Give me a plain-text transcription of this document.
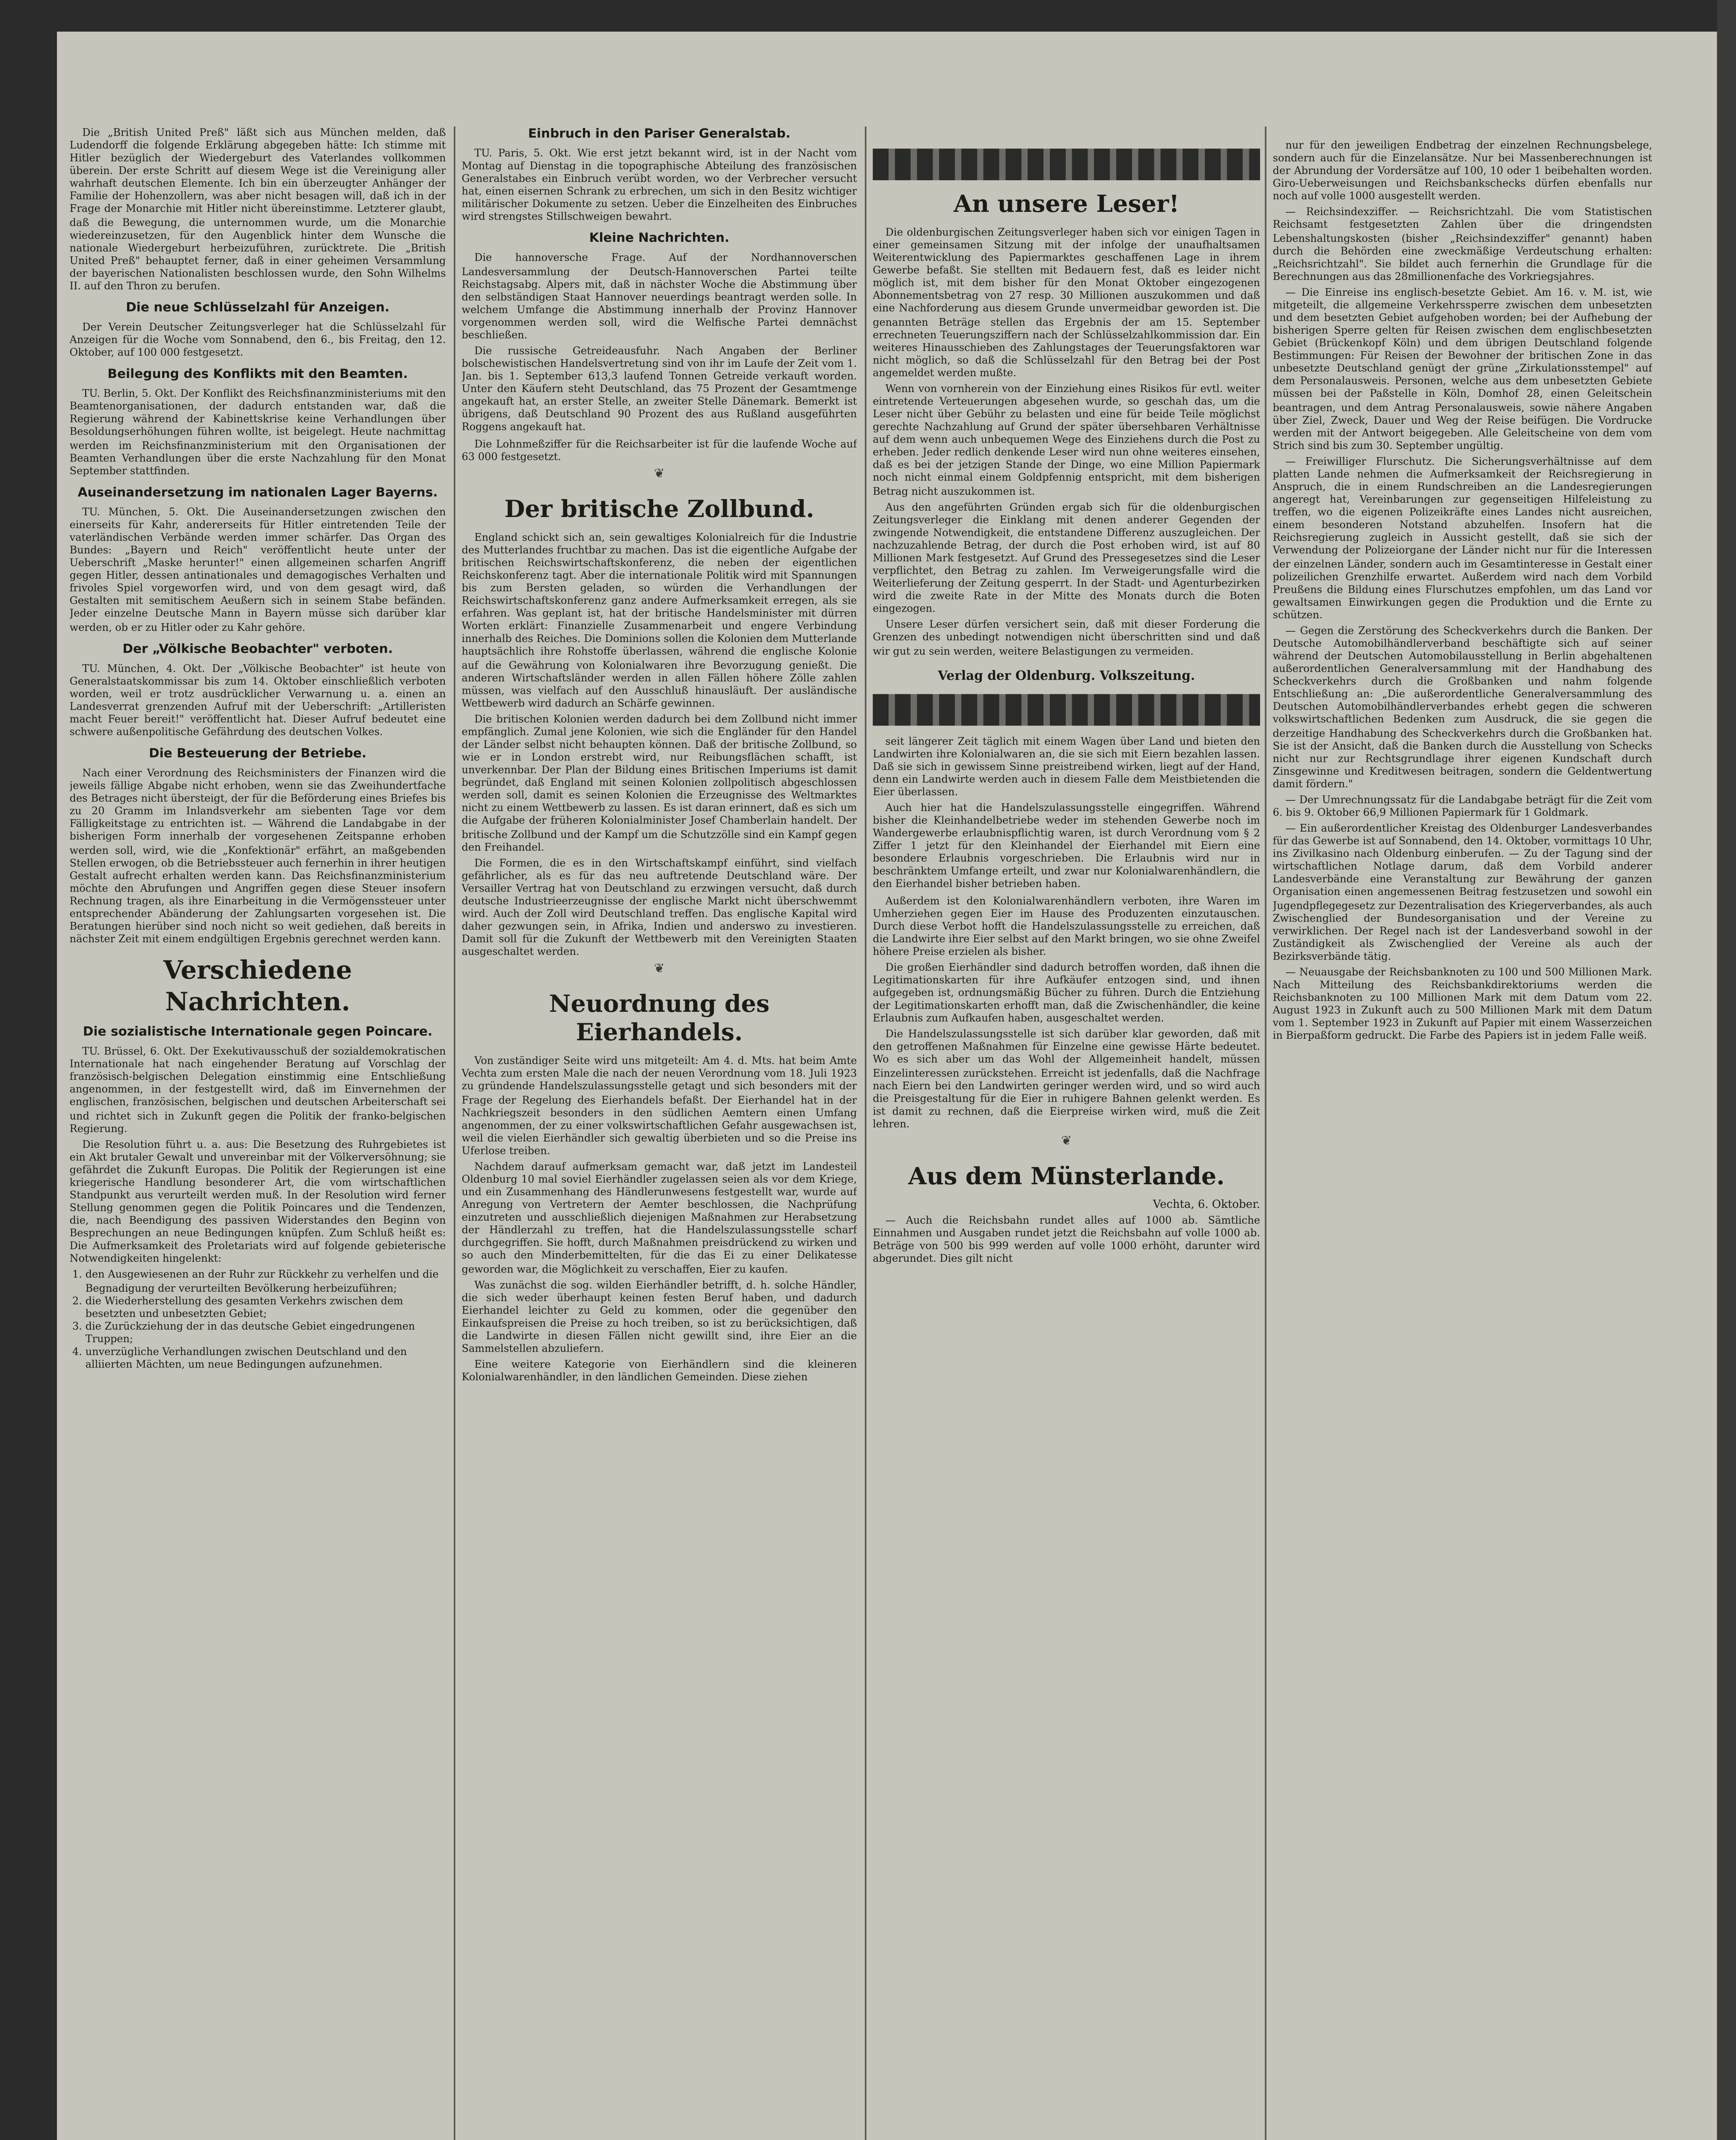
Die „British United Preß" läßt sich aus München melden, daß Ludendorff die folgende Erklärung abgegeben hätte: Ich stimme mit Hitler bezüglich der Wiedergeburt des Vaterlandes vollkommen überein. Der erste Schritt auf diesem Wege ist die Vereinigung aller wahrhaft deutschen Elemente. Ich bin ein überzeugter Anhänger der Familie der Hohenzollern, was aber nicht besagen will, daß ich in der Frage der Monarchie mit Hitler nicht übereinstimme. Letzterer glaubt, daß die Bewegung, die unternommen wurde, um die Monarchie wiedereinzusetzen, für den Augenblick hinter dem Wunsche die nationale Wiedergeburt herbeizuführen, zurücktrete. Die „British United Preß" behauptet ferner, daß in einer geheimen Versammlung der bayerischen Nationalisten beschlossen wurde, den Sohn Wilhelms II. auf den Thron zu berufen.

Die neue Schlüsselzahl für Anzeigen.

Der Verein Deutscher Zeitungsverleger hat die Schlüsselzahl für Anzeigen für die Woche vom Sonnabend, den 6., bis Freitag, den 12. Oktober, auf 100 000 festgesetzt.

Beilegung des Konflikts mit den Beamten.

TU. Berlin, 5. Okt. Der Konflikt des Reichsfinanzministeriums mit den Beamtenorganisationen, der dadurch entstanden war, daß die Regierung während der Kabinettskrise keine Verhandlungen über Besoldungserhöhungen führen wollte, ist beigelegt. Heute nachmittag werden im Reichsfinanzministerium mit den Organisationen der Beamten Verhandlungen über die erste Nachzahlung für den Monat September stattfinden.

Auseinandersetzung im nationalen Lager Bayerns.

TU. München, 5. Okt. Die Auseinandersetzungen zwischen den einerseits für Kahr, andererseits für Hitler eintretenden Teile der vaterländischen Verbände werden immer schärfer. Das Organ des Bundes: „Bayern und Reich" veröffentlicht heute unter der Ueberschrift „Maske herunter!" einen allgemeinen scharfen Angriff gegen Hitler, dessen antinationales und demagogisches Verhalten und frivoles Spiel vorgeworfen wird, und von dem gesagt wird, daß Gestalten mit semitischem Aeußern sich in seinem Stabe befänden. Jeder einzelne Deutsche Mann in Bayern müsse sich darüber klar werden, ob er zu Hitler oder zu Kahr gehöre.

Der „Völkische Beobachter" verboten.

TU. München, 4. Okt. Der „Völkische Beobachter" ist heute von Generalstaatskommissar bis zum 14. Oktober einschließlich verboten worden, weil er trotz ausdrücklicher Verwarnung u. a. einen an Landesverrat grenzenden Aufruf mit der Ueberschrift: „Artilleristen macht Feuer bereit!" veröffentlicht hat. Dieser Aufruf bedeutet eine schwere außenpolitische Gefährdung des deutschen Volkes.

Die Besteuerung der Betriebe.

Nach einer Verordnung des Reichsministers der Finanzen wird die jeweils fällige Abgabe nicht erhoben, wenn sie das Zweihundertfache des Betrages nicht übersteigt, der für die Beförderung eines Briefes bis zu 20 Gramm im Inlandsverkehr am siebenten Tage vor dem Fälligkeitstage zu entrichten ist. — Während die Landabgabe in der bisherigen Form innerhalb der vorgesehenen Zeitspanne erhoben werden soll, wird, wie die „Konfektionär" erfährt, an maßgebenden Stellen erwogen, ob die Betriebssteuer auch fernerhin in ihrer heutigen Gestalt aufrecht erhalten werden kann. Das Reichsfinanzministerium möchte den Abrufungen und Angriffen gegen diese Steuer insofern Rechnung tragen, als ihre Einarbeitung in die Vermögenssteuer unter entsprechender Abänderung der Zahlungsarten vorgesehen ist. Die Beratungen hierüber sind noch nicht so weit gediehen, daß bereits in nächster Zeit mit einem endgültigen Ergebnis gerechnet werden kann.

Verschiedene Nachrichten.
Die sozialistische Internationale gegen Poincare.

TU. Brüssel, 6. Okt. Der Exekutivausschuß der sozialdemokratischen Internationale hat nach eingehender Beratung auf Vorschlag der französisch-belgischen Delegation einstimmig eine Entschließung angenommen, in der festgestellt wird, daß im Einvernehmen der englischen, französischen, belgischen und deutschen Arbeiterschaft sei und richtet sich in Zukunft gegen die Politik der franko-belgischen Regierung.

Die Resolution führt u. a. aus: Die Besetzung des Ruhrgebietes ist ein Akt brutaler Gewalt und unvereinbar mit der Völkerversöhnung; sie gefährdet die Zukunft Europas. Die Politik der Regierungen ist eine kriegerische Handlung besonderer Art, die vom wirtschaftlichen Standpunkt aus verurteilt werden muß. In der Resolution wird ferner Stellung genommen gegen die Politik Poincares und die Tendenzen, die, nach Beendigung des passiven Widerstandes den Beginn von Besprechungen an neue Bedingungen knüpfen. Zum Schluß heißt es: Die Aufmerksamkeit des Proletariats wird auf folgende gebieterische Notwendigkeiten hingelenkt:

1. den Ausgewiesenen an der Ruhr zur Rückkehr zu verhelfen und die Begnadigung der verurteilten Bevölkerung herbeizuführen;
2. die Wiederherstellung des gesamten Verkehrs zwischen dem besetzten und unbesetzten Gebiet;
3. die Zurückziehung der in das deutsche Gebiet eingedrungenen Truppen;
4. unverzügliche Verhandlungen zwischen Deutschland und den alliierten Mächten, um neue Bedingungen aufzunehmen.
Einbruch in den Pariser Generalstab.

TU. Paris, 5. Okt. Wie erst jetzt bekannt wird, ist in der Nacht vom Montag auf Dienstag in die topographische Abteilung des französischen Generalstabes ein Einbruch verübt worden, wo der Verbrecher versucht hat, einen eisernen Schrank zu erbrechen, um sich in den Besitz wichtiger militärischer Dokumente zu setzen. Ueber die Einzelheiten des Einbruches wird strengstes Stillschweigen bewahrt.

Kleine Nachrichten.

Die hannoversche Frage. Auf der Nordhannoverschen Landesversammlung der Deutsch-Hannoverschen Partei teilte Reichstagsabg. Alpers mit, daß in nächster Woche die Abstimmung über den selbständigen Staat Hannover neuerdings beantragt werden solle. In welchem Umfange die Abstimmung innerhalb der Provinz Hannover vorgenommen werden soll, wird die Welfische Partei demnächst beschließen.

Die russische Getreideausfuhr. Nach Angaben der Berliner bolschewistischen Handelsvertretung sind von ihr im Laufe der Zeit vom 1. Jan. bis 1. September 613,3 laufend Tonnen Getreide verkauft worden. Unter den Käufern steht Deutschland, das 75 Prozent der Gesamtmenge angekauft hat, an erster Stelle, an zweiter Stelle Dänemark. Bemerkt ist übrigens, daß Deutschland 90 Prozent des aus Rußland ausgeführten Roggens angekauft hat.

Die Lohnmeßziffer für die Reichsarbeiter ist für die laufende Woche auf 63 000 festgesetzt.

❦
Der britische Zollbund.

England schickt sich an, sein gewaltiges Kolonialreich für die Industrie des Mutterlandes fruchtbar zu machen. Das ist die eigentliche Aufgabe der britischen Reichswirtschaftskonferenz, die neben der eigentlichen Reichskonferenz tagt. Aber die internationale Politik wird mit Spannungen bis zum Bersten geladen, so würden die Verhandlungen der Reichswirtschaftskonferenz ganz andere Aufmerksamkeit erregen, als sie erfahren. Was geplant ist, hat der britische Handelsminister mit dürren Worten erklärt: Finanzielle Zusammenarbeit und engere Verbindung innerhalb des Reiches. Die Dominions sollen die Kolonien dem Mutterlande hauptsächlich ihre Rohstoffe überlassen, während die englische Kolonie auf die Gewährung von Kolonialwaren ihre Bevorzugung genießt. Die anderen Wirtschaftsländer werden in allen Fällen höhere Zölle zahlen müssen, was vielfach auf den Ausschluß hinausläuft. Der ausländische Wettbewerb wird dadurch an Schärfe gewinnen.

Die britischen Kolonien werden dadurch bei dem Zollbund nicht immer empfänglich. Zumal jene Kolonien, wie sich die Engländer für den Handel der Länder selbst nicht behaupten können. Daß der britische Zollbund, so wie er in London erstrebt wird, nur Reibungsflächen schafft, ist unverkennbar. Der Plan der Bildung eines Britischen Imperiums ist damit begründet, daß England mit seinen Kolonien zollpolitisch abgeschlossen werden soll, damit es seinen Kolonien die Erzeugnisse des Weltmarktes nicht zu einem Wettbewerb zu lassen. Es ist daran erinnert, daß es sich um die Aufgabe der früheren Kolonialminister Josef Chamberlain handelt. Der britische Zollbund und der Kampf um die Schutzzölle sind ein Kampf gegen den Freihandel.

Die Formen, die es in den Wirtschaftskampf einführt, sind vielfach gefährlicher, als es für das neu auftretende Deutschland wäre. Der Versailler Vertrag hat von Deutschland zu erzwingen versucht, daß durch deutsche Industrieerzeugnisse der englische Markt nicht überschwemmt wird. Auch der Zoll wird Deutschland treffen. Das englische Kapital wird daher gezwungen sein, in Afrika, Indien und anderswo zu investieren. Damit soll für die Zukunft der Wettbewerb mit den Vereinigten Staaten ausgeschaltet werden.

❦
Neuordnung des Eierhandels.

Von zuständiger Seite wird uns mitgeteilt: Am 4. d. Mts. hat beim Amte Vechta zum ersten Male die nach der neuen Verordnung vom 18. Juli 1923 zu gründende Handelszulassungsstelle getagt und sich besonders mit der Frage der Regelung des Eierhandels befaßt. Der Eierhandel hat in der Nachkriegszeit besonders in den südlichen Aemtern einen Umfang angenommen, der zu einer volkswirtschaftlichen Gefahr ausgewachsen ist, weil die vielen Eierhändler sich gewaltig überbieten und so die Preise ins Uferlose treiben.

Nachdem darauf aufmerksam gemacht war, daß jetzt im Landesteil Oldenburg 10 mal soviel Eierhändler zugelassen seien als vor dem Kriege, und ein Zusammenhang des Händlerunwesens festgestellt war, wurde auf Anregung von Vertretern der Aemter beschlossen, die Nachprüfung einzutreten und ausschließlich diejenigen Maßnahmen zur Herabsetzung der Händlerzahl zu treffen, hat die Handelszulassungsstelle scharf durchgegriffen. Sie hofft, durch Maßnahmen preisdrückend zu wirken und so auch den Minderbemittelten, für die das Ei zu einer Delikatesse geworden war, die Möglichkeit zu verschaffen, Eier zu kaufen.

Was zunächst die sog. wilden Eierhändler betrifft, d. h. solche Händler, die sich weder überhaupt keinen festen Beruf haben, und dadurch Eierhandel leichter zu Geld zu kommen, oder die gegenüber den Einkaufspreisen die Preise zu hoch treiben, so ist zu berücksichtigen, daß die Landwirte in diesen Fällen nicht gewillt sind, ihre Eier an die Sammelstellen abzuliefern.

Eine weitere Kategorie von Eierhändlern sind die kleineren Kolonialwarenhändler, in den ländlichen Gemeinden. Diese ziehen

An unsere Leser!

Die oldenburgischen Zeitungsverleger haben sich vor einigen Tagen in einer gemeinsamen Sitzung mit der infolge der unaufhaltsamen Weiterentwicklung des Papiermarktes geschaffenen Lage in ihrem Gewerbe befaßt. Sie stellten mit Bedauern fest, daß es leider nicht möglich ist, mit dem bisher für den Monat Oktober eingezogenen Abonnementsbetrag von 27 resp. 30 Millionen auszukommen und daß eine Nachforderung aus diesem Grunde unvermeidbar geworden ist. Die genannten Beträge stellen das Ergebnis der am 15. September errechneten Teuerungsziffern nach der Schlüsselzahlkommission dar. Ein weiteres Hinausschieben des Zahlungstages der Teuerungsfaktoren war nicht möglich, so daß die Schlüsselzahl für den Betrag bei der Post angemeldet werden mußte.

Wenn von vornherein von der Einziehung eines Risikos für evtl. weiter eintretende Verteuerungen abgesehen wurde, so geschah das, um die Leser nicht über Gebühr zu belasten und eine für beide Teile möglichst gerechte Nachzahlung auf Grund der später übersehbaren Verhältnisse auf dem wenn auch unbequemen Wege des Einziehens durch die Post zu erheben. Jeder redlich denkende Leser wird nun ohne weiteres einsehen, daß es bei der jetzigen Stande der Dinge, wo eine Million Papiermark noch nicht einmal einem Goldpfennig entspricht, mit dem bisherigen Betrag nicht auszukommen ist.

Aus den angeführten Gründen ergab sich für die oldenburgischen Zeitungsverleger die Einklang mit denen anderer Gegenden der zwingende Notwendigkeit, die entstandene Differenz auszugleichen. Der nachzuzahlende Betrag, der durch die Post erhoben wird, ist auf 80 Millionen Mark festgesetzt. Auf Grund des Pressegesetzes sind die Leser verpflichtet, den Betrag zu zahlen. Im Verweigerungsfalle wird die Weiterlieferung der Zeitung gesperrt. In der Stadt- und Agenturbezirken wird die zweite Rate in der Mitte des Monats durch die Boten eingezogen.

Unsere Leser dürfen versichert sein, daß mit dieser Forderung die Grenzen des unbedingt notwendigen nicht überschritten sind und daß wir gut zu sein werden, weitere Belastigungen zu vermeiden.

Verlag der Oldenburg. Volkszeitung.

seit längerer Zeit täglich mit einem Wagen über Land und bieten den Landwirten ihre Kolonialwaren an, die sie sich mit Eiern bezahlen lassen. Daß sie sich in gewissem Sinne preistreibend wirken, liegt auf der Hand, denn ein Landwirte werden auch in diesem Falle dem Meistbietenden die Eier überlassen.

Auch hier hat die Handelszulassungsstelle eingegriffen. Während bisher die Kleinhandelbetriebe weder im stehenden Gewerbe noch im Wandergewerbe erlaubnispflichtig waren, ist durch Verordnung vom § 2 Ziffer 1 jetzt für den Kleinhandel der Eierhandel mit Eiern eine besondere Erlaubnis vorgeschrieben. Die Erlaubnis wird nur in beschränktem Umfange erteilt, und zwar nur Kolonialwarenhändlern, die den Eierhandel bisher betrieben haben.

Außerdem ist den Kolonialwarenhändlern verboten, ihre Waren im Umherziehen gegen Eier im Hause des Produzenten einzutauschen. Durch diese Verbot hofft die Handelszulassungsstelle zu erreichen, daß die Landwirte ihre Eier selbst auf den Markt bringen, wo sie ohne Zweifel höhere Preise erzielen als bisher.

Die großen Eierhändler sind dadurch betroffen worden, daß ihnen die Legitimationskarten für ihre Aufkäufer entzogen sind, und ihnen aufgegeben ist, ordnungsmäßig Bücher zu führen. Durch die Entziehung der Legitimationskarten erhofft man, daß die Zwischenhändler, die keine Erlaubnis zum Aufkaufen haben, ausgeschaltet werden.

Die Handelszulassungsstelle ist sich darüber klar geworden, daß mit den getroffenen Maßnahmen für Einzelne eine gewisse Härte bedeutet. Wo es sich aber um das Wohl der Allgemeinheit handelt, müssen Einzelinteressen zurückstehen. Erreicht ist jedenfalls, daß die Nachfrage nach Eiern bei den Landwirten geringer werden wird, und so wird auch die Preisgestaltung für die Eier in ruhigere Bahnen gelenkt werden. Es ist damit zu rechnen, daß die Eierpreise wirken wird, muß die Zeit lehren.

❦
Aus dem Münsterlande.
Vechta, 6. Oktober.

— Auch die Reichsbahn rundet alles auf 1000 ab. Sämtliche Einnahmen und Ausgaben rundet jetzt die Reichsbahn auf volle 1000 ab. Beträge von 500 bis 999 werden auf volle 1000 erhöht, darunter wird abgerundet. Dies gilt nicht

nur für den jeweiligen Endbetrag der einzelnen Rechnungsbelege, sondern auch für die Einzelansätze. Nur bei Massenberechnungen ist der Abrundung der Vordersätze auf 100, 10 oder 1 beibehalten worden. Giro-Ueberweisungen und Reichsbankschecks dürfen ebenfalls nur noch auf volle 1000 ausgestellt werden.

— Reichsindexziffer. — Reichsrichtzahl. Die vom Statistischen Reichsamt festgesetzten Zahlen über die dringendsten Lebenshaltungskosten (bisher „Reichsindexziffer" genannt) haben durch die Behörden eine zweckmäßige Verdeutschung erhalten: „Reichsrichtzahl". Sie bildet auch fernerhin die Grundlage für die Berechnungen aus das 28millionenfache des Vorkriegsjahres.

— Die Einreise ins englisch-besetzte Gebiet. Am 16. v. M. ist, wie mitgeteilt, die allgemeine Verkehrssperre zwischen dem unbesetzten und dem besetzten Gebiet aufgehoben worden; bei der Aufhebung der bisherigen Sperre gelten für Reisen zwischen dem englischbesetzten Gebiet (Brückenkopf Köln) und dem übrigen Deutschland folgende Bestimmungen: Für Reisen der Bewohner der britischen Zone in das unbesetzte Deutschland genügt der grüne „Zirkulationsstempel" auf dem Personalausweis. Personen, welche aus dem unbesetzten Gebiete müssen bei der Paßstelle in Köln, Domhof 28, einen Geleitschein beantragen, und dem Antrag Personalausweis, sowie nähere Angaben über Ziel, Zweck, Dauer und Weg der Reise beifügen. Die Vordrucke werden mit der Antwort beigegeben. Alle Geleitscheine von dem vom Strich sind bis zum 30. September ungültig.

— Freiwilliger Flurschutz. Die Sicherungsverhältnisse auf dem platten Lande nehmen die Aufmerksamkeit der Reichsregierung in Anspruch, die in einem Rundschreiben an die Landesregierungen angeregt hat, Vereinbarungen zur gegenseitigen Hilfeleistung zu treffen, wo die eigenen Polizeikräfte eines Landes nicht ausreichen, einem besonderen Notstand abzuhelfen. Insofern hat die Reichsregierung zugleich in Aussicht gestellt, daß sie sich der Verwendung der Polizeiorgane der Länder nicht nur für die Interessen der einzelnen Länder, sondern auch im Gesamtinteresse in Gestalt einer polizeilichen Grenzhilfe erwartet. Außerdem wird nach dem Vorbild Preußens die Bildung eines Flurschutzes empfohlen, um das Land vor gewaltsamen Einwirkungen gegen die Produktion und die Ernte zu schützen.

— Gegen die Zerstörung des Scheckverkehrs durch die Banken. Der Deutsche Automobilhändlerverband beschäftigte sich auf seiner während der Deutschen Automobilausstellung in Berlin abgehaltenen außerordentlichen Generalversammlung mit der Handhabung des Scheckverkehrs durch die Großbanken und nahm folgende Entschließung an: „Die außerordentliche Generalversammlung des Deutschen Automobilhändlerverbandes erhebt gegen die schweren volkswirtschaftlichen Bedenken zum Ausdruck, die sie gegen die derzeitige Handhabung des Scheckverkehrs durch die Großbanken hat. Sie ist der Ansicht, daß die Banken durch die Ausstellung von Schecks nicht nur zur Rechtsgrundlage ihrer eigenen Kundschaft durch Zinsgewinne und Kreditwesen beitragen, sondern die Geldentwertung damit fördern."

— Der Umrechnungssatz für die Landabgabe beträgt für die Zeit vom 6. bis 9. Oktober 66,9 Millionen Papiermark für 1 Goldmark.

— Ein außerordentlicher Kreistag des Oldenburger Landesverbandes für das Gewerbe ist auf Sonnabend, den 14. Oktober, vormittags 10 Uhr, ins Zivilkasino nach Oldenburg einberufen. — Zu der Tagung sind der wirtschaftlichen Notlage darum, daß dem Vorbild anderer Landesverbände eine Veranstaltung zur Bewährung der ganzen Organisation einen angemessenen Beitrag festzusetzen und sowohl ein Jugendpflegegesetz zur Dezentralisation des Kriegerverbandes, als auch Zwischenglied der Bundesorganisation und der Vereine zu verwirklichen. Der Regel nach ist der Landesverband sowohl in der Zuständigkeit als Zwischenglied der Vereine als auch der Bezirksverbände tätig.

— Neuausgabe der Reichsbanknoten zu 100 und 500 Millionen Mark. Nach Mitteilung des Reichsbankdirektoriums werden die Reichsbanknoten zu 100 Millionen Mark mit dem Datum vom 22. August 1923 in Zukunft auch zu 500 Millionen Mark mit dem Datum vom 1. September 1923 in Zukunft auf Papier mit einem Wasserzeichen in Bierpaßform gedruckt. Die Farbe des Papiers ist in jedem Falle weiß.
